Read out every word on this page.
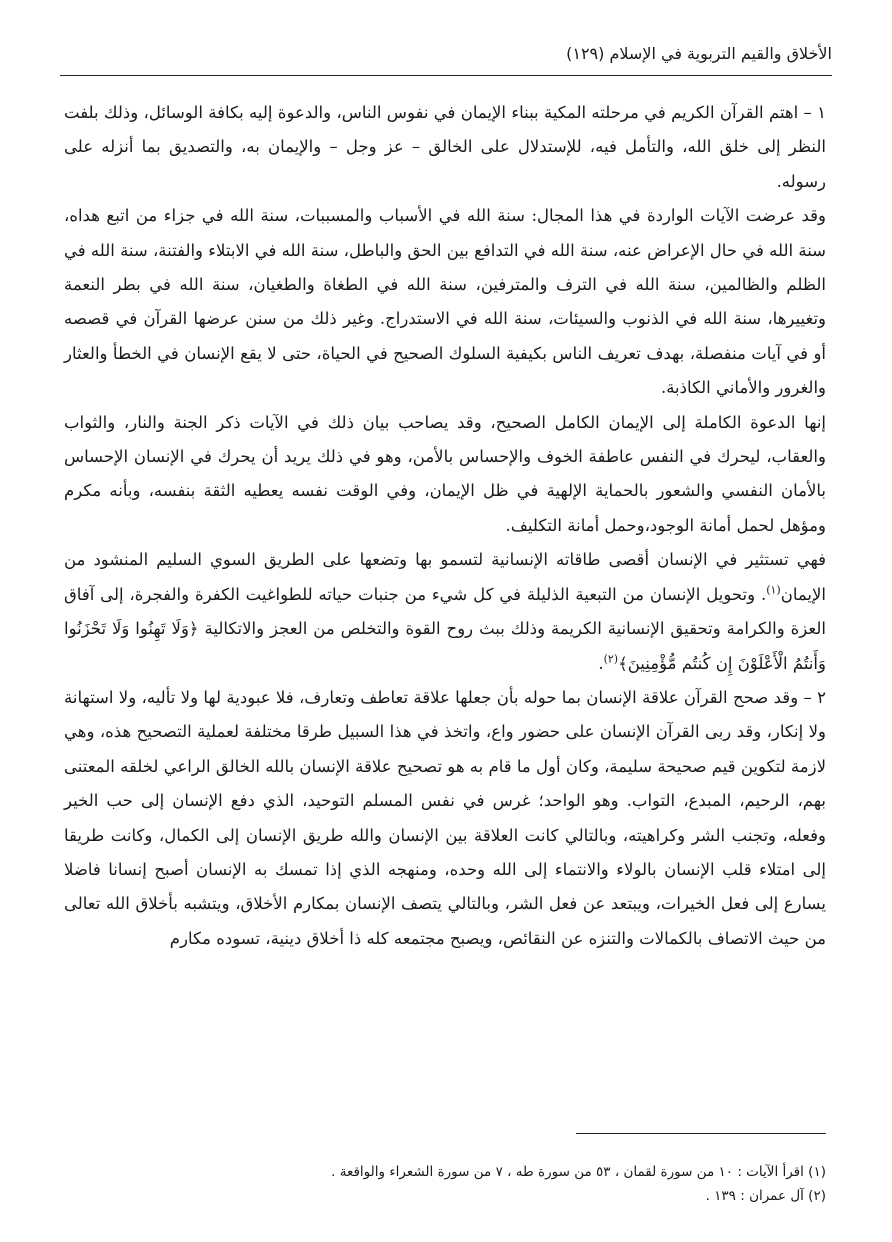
الأخلاق والقيم التربوية في الإسلام (١٢٩)

١ – اهتم القرآن الكريم في مرحلته المكية ببناء الإيمان في نفوس الناس، والدعوة إليه بكافة الوسائل، وذلك بلفت النظر إلى خلق الله، والتأمل فيه، للإستدلال على الخالق – عز وجل – والإيمان به، والتصديق بما أنزله على رسوله.

وقد عرضت الآيات الواردة في هذا المجال: سنة الله في الأسباب والمسببات، سنة الله في جزاء من اتبع هداه، سنة الله في حال الإعراض عنه، سنة الله في التدافع بين الحق والباطل، سنة الله في الابتلاء والفتنة، سنة الله في الظلم والظالمين، سنة الله في الترف والمترفين، سنة الله في الطغاة والطغيان، سنة الله في بطر النعمة وتغييرها، سنة الله في الذنوب والسيئات، سنة الله في الاستدراج. وغير ذلك من سنن عرضها القرآن في قصصه أو في آيات منفصلة، بهدف تعريف الناس بكيفية السلوك الصحيح في الحياة، حتى لا يقع الإنسان في الخطأ والعثار والغرور والأماني الكاذبة.

إنها الدعوة الكاملة إلى الإيمان الكامل الصحيح، وقد يصاحب بيان ذلك في الآيات ذكر الجنة والنار، والثواب والعقاب، ليحرك في النفس عاطفة الخوف والإحساس بالأمن، وهو في ذلك يريد أن يحرك في الإنسان الإحساس بالأمان النفسي والشعور بالحماية الإلهية في ظل الإيمان، وفي الوقت نفسه يعطيه الثقة بنفسه، وبأنه مكرم ومؤهل لحمل أمانة الوجود،وحمل أمانة التكليف.

فهي تستثير في الإنسان أقصى طاقاته الإنسانية لتسمو بها وتضعها على الطريق السوي السليم المنشود من الإيمان$^{(١)}$. وتحويل الإنسان من التبعية الذليلة في كل شيء من جنبات حياته للطواغيت الكفرة والفجرة، إلى آفاق العزة والكرامة وتحقيق الإنسانية الكريمة وذلك ببث روح القوة والتخلص من العجز والاتكالية ﴿وَلَا تَهِنُوا وَلَا تَحْزَنُوا وَأَنتُمُ الْأَعْلَوْنَ إِن كُنتُم مُّؤْمِنِينَ﴾$^{(٢)}$.

٢ – وقد صحح القرآن علاقة الإنسان بما حوله بأن جعلها علاقة تعاطف وتعارف، فلا عبودية لها ولا تأليه، ولا استهانة ولا إنكار، وقد ربى القرآن الإنسان على حضور واع، واتخذ في هذا السبيل طرقا مختلفة لعملية التصحيح هذه، وهي لازمة لتكوين قيم صحيحة سليمة، وكان أول ما قام به هو تصحيح علاقة الإنسان بالله الخالق الراعي لخلقه المعتنى بهم، الرحيم، المبدع، التواب. وهو الواحد؛ غرس في نفس المسلم التوحيد، الذي دفع الإنسان إلى حب الخير وفعله، وتجنب الشر وكراهيته، وبالتالي كانت العلاقة بين الإنسان والله طريق الإنسان إلى الكمال، وكانت طريقا إلى امتلاء قلب الإنسان بالولاء والانتماء إلى الله وحده، ومنهجه الذي إذا تمسك به الإنسان أصبح إنسانا فاضلا يسارع إلى فعل الخيرات، ويبتعد عن فعل الشر، وبالتالي يتصف الإنسان بمكارم الأخلاق، ويتشبه بأخلاق الله تعالى من حيث الاتصاف بالكمالات والتنزه عن النقائص، ويصبح مجتمعه كله ذا أخلاق دينية، تسوده مكارم

(١) اقرأ الآيات : ١٠ من سورة لقمان ، ٥٣ من سورة طه ، ٧ من سورة الشعراء والواقعة .
(٢) آل عمران : ١٣٩ .
